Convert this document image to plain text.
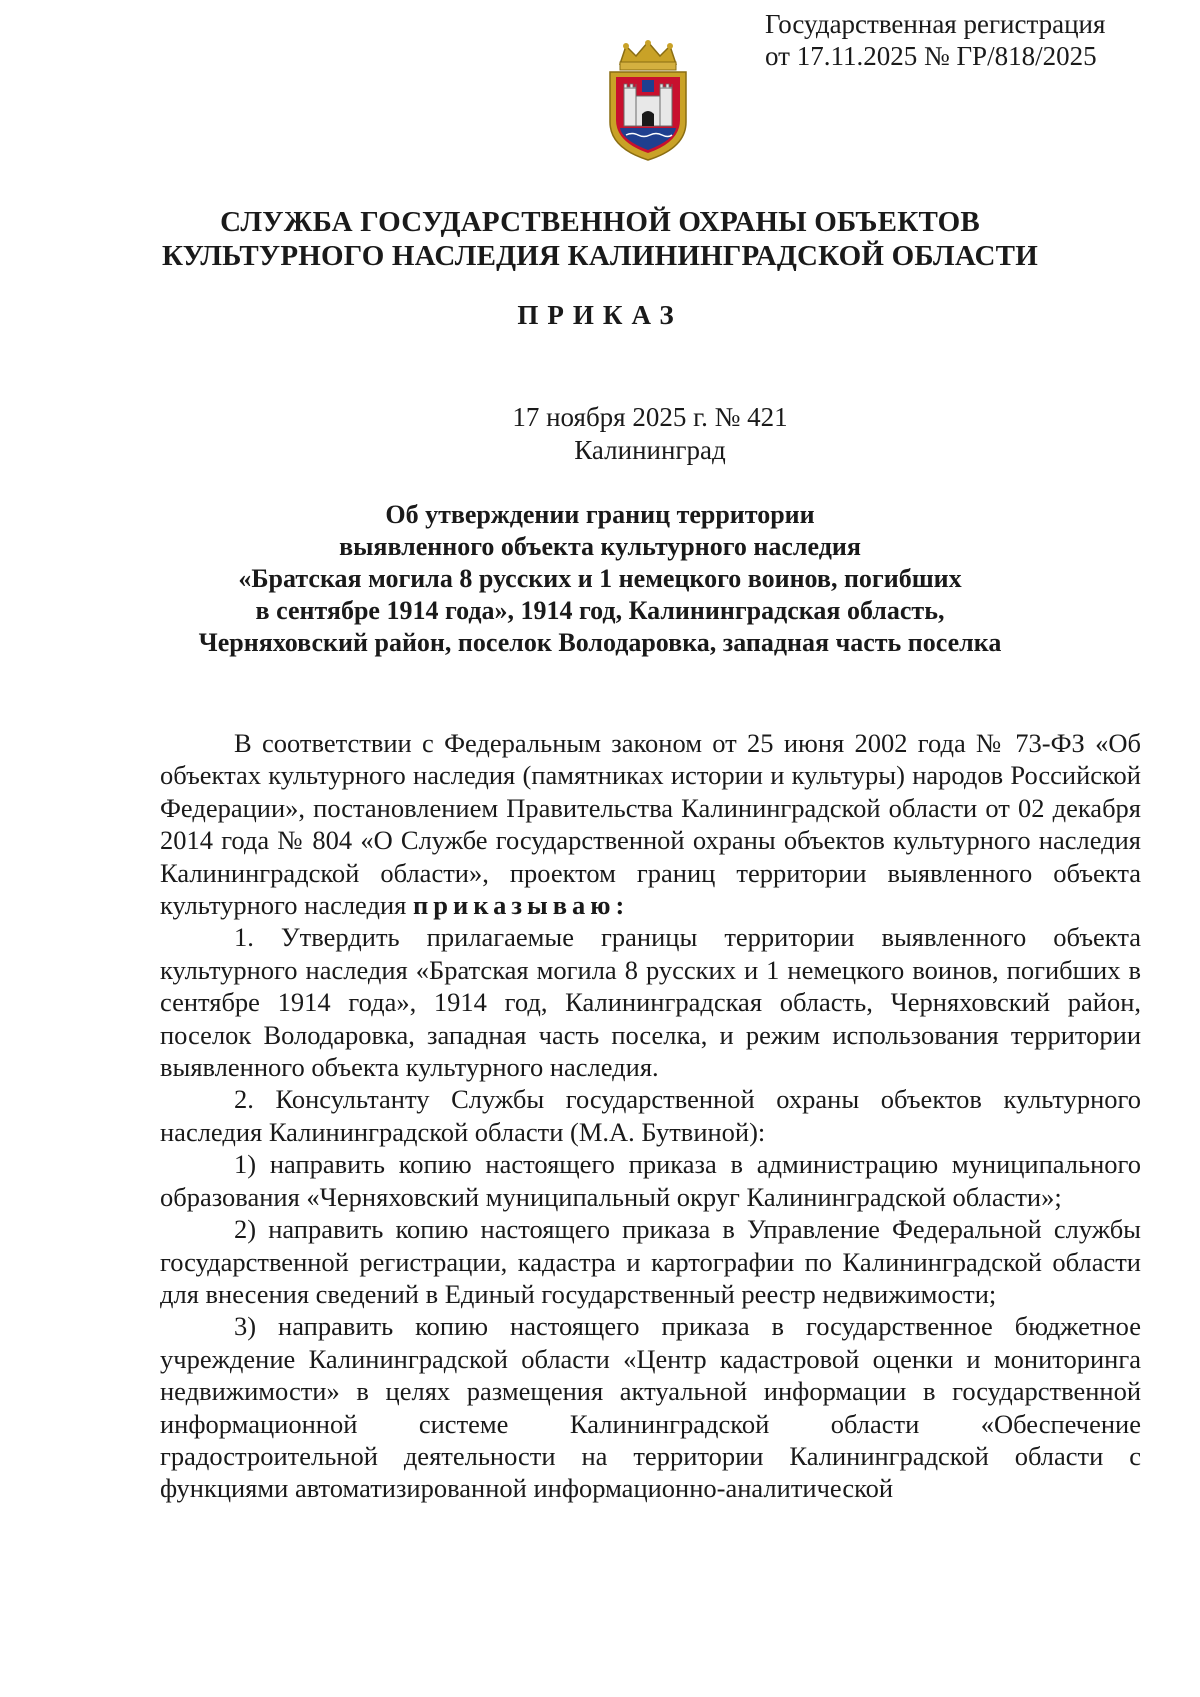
Государственная регистрация
от 17.11.2025 № ГР/818/2025
СЛУЖБА ГОСУДАРСТВЕННОЙ ОХРАНЫ ОБЪЕКТОВ
КУЛЬТУРНОГО НАСЛЕДИЯ КАЛИНИНГРАДСКОЙ ОБЛАСТИ
ПРИКАЗ
17 ноября 2025 г. № 421
Калининград
Об утверждении границ территории
выявленного объекта культурного наследия
«Братская могила 8 русских и 1 немецкого воинов, погибших
в сентябре 1914 года», 1914 год, Калининградская область,
Черняховский район, поселок Володаровка, западная часть поселка

В соответствии с Федеральным законом от 25 июня 2002 года № 73-ФЗ «Об объектах культурного наследия (памятниках истории и культуры) народов Российской Федерации», постановлением Правительства Калининградской области от 02 декабря 2014 года № 804 «О Службе государственной охраны объектов культурного наследия Калининградской области», проектом границ территории выявленного объекта культурного наследия приказываю:

1. Утвердить прилагаемые границы территории выявленного объекта культурного наследия «Братская могила 8 русских и 1 немецкого воинов, погибших в сентябре 1914 года», 1914 год, Калининградская область, Черняховский район, поселок Володаровка, западная часть поселка, и режим использования территории выявленного объекта культурного наследия.

2. Консультанту Службы государственной охраны объектов культурного наследия Калининградской области (М.А. Бутвиной):

1) направить копию настоящего приказа в администрацию муниципального образования «Черняховский муниципальный округ Калининградской области»;

2) направить копию настоящего приказа в Управление Федеральной службы государственной регистрации, кадастра и картографии по Калининградской области для внесения сведений в Единый государственный реестр недвижимости;

3) направить копию настоящего приказа в государственное бюджетное учреждение Калининградской области «Центр кадастровой оценки и мониторинга недвижимости» в целях размещения актуальной информации в государственной информационной системе Калининградской области «Обеспечение градостроительной деятельности на территории Калининградской области с функциями автоматизированной информационно-аналитической
